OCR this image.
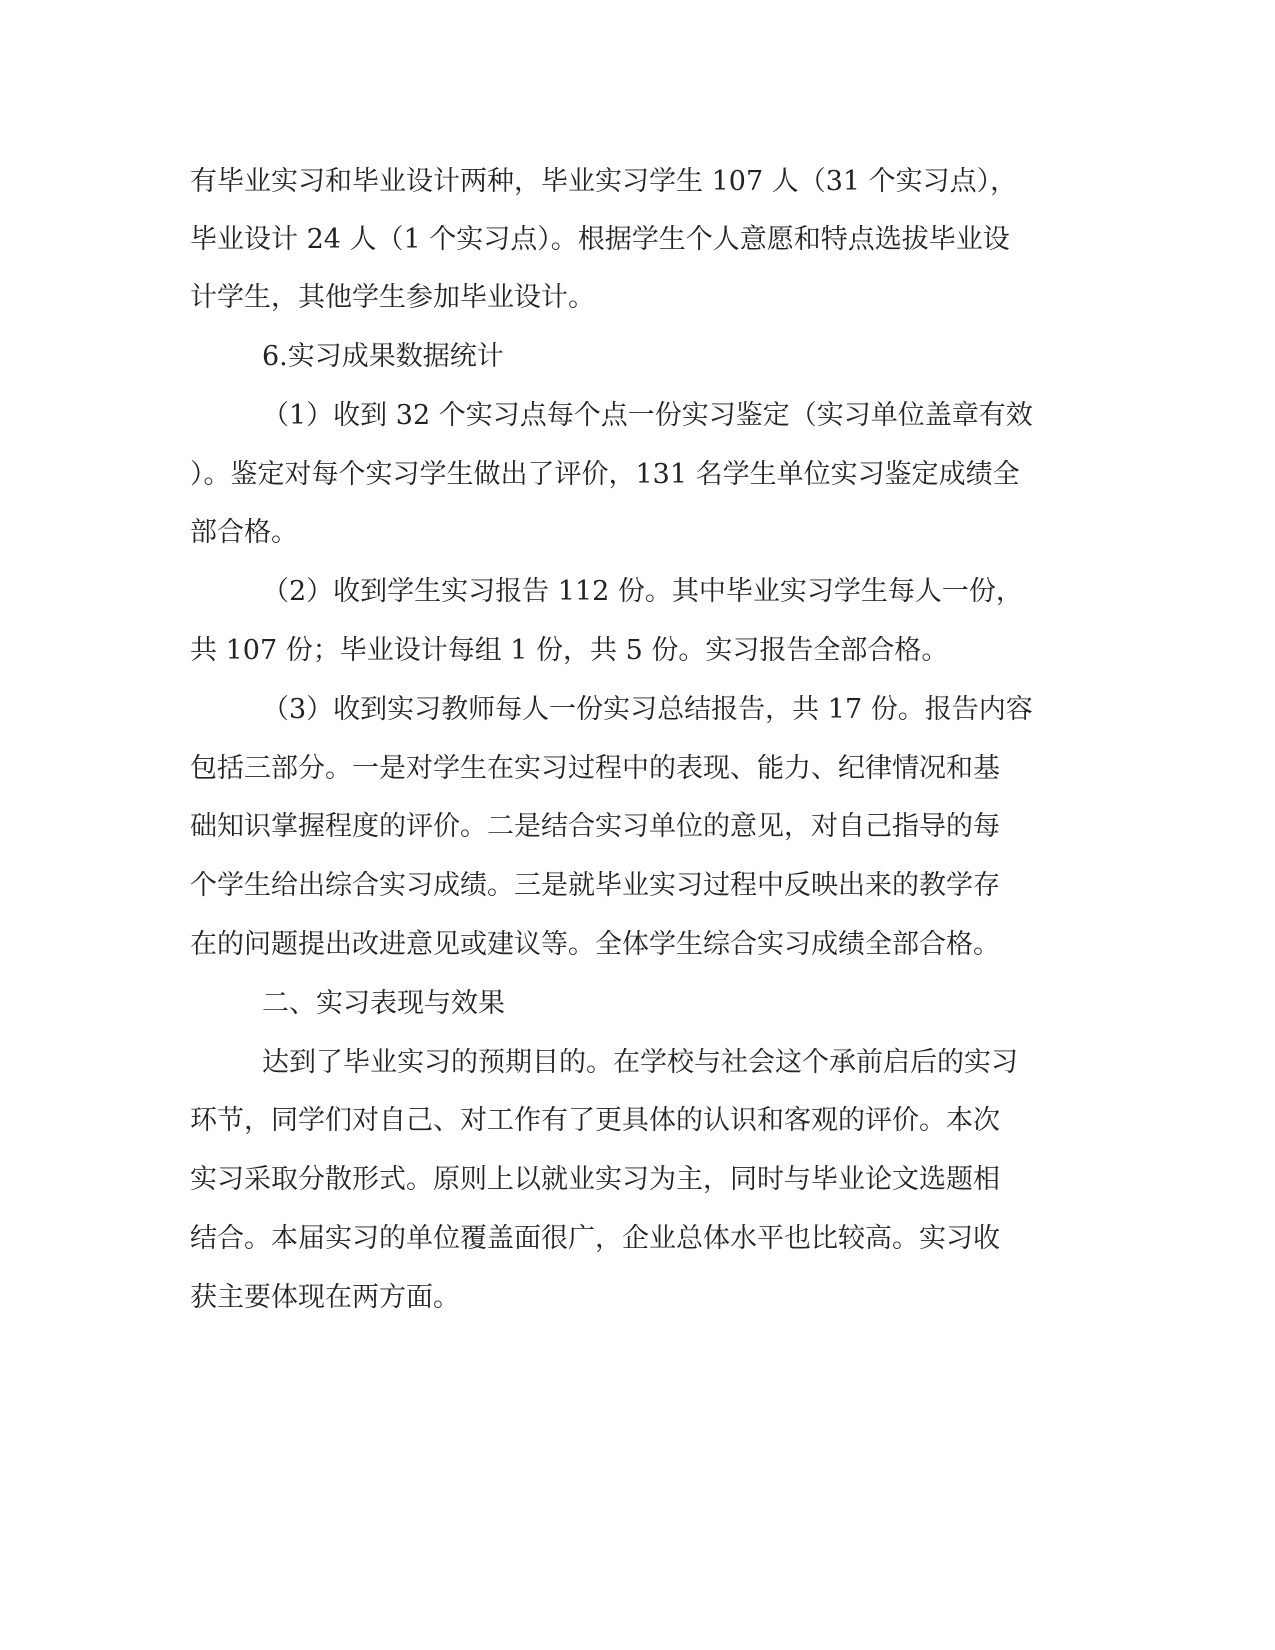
有毕业实习和毕业设计两种，毕业实习学生 107 人（31 个实习点），
毕业设计 24 人（1 个实习点）。根据学生个人意愿和特点选拔毕业设
计学生，其他学生参加毕业设计。
6.实习成果数据统计
（1）收到 32 个实习点每个点一份实习鉴定（实习单位盖章有效
）。鉴定对每个实习学生做出了评价，131 名学生单位实习鉴定成绩全
部合格。
（2）收到学生实习报告 112 份。其中毕业实习学生每人一份，
共 107 份；毕业设计每组 1 份，共 5 份。实习报告全部合格。
（3）收到实习教师每人一份实习总结报告，共 17 份。报告内容
包括三部分。一是对学生在实习过程中的表现、能力、纪律情况和基
础知识掌握程度的评价。二是结合实习单位的意见，对自己指导的每
个学生给出综合实习成绩。三是就毕业实习过程中反映出来的教学存
在的问题提出改进意见或建议等。全体学生综合实习成绩全部合格。
二、实习表现与效果
达到了毕业实习的预期目的。在学校与社会这个承前启后的实习
环节，同学们对自己、对工作有了更具体的认识和客观的评价。本次
实习采取分散形式。原则上以就业实习为主，同时与毕业论文选题相
结合。本届实习的单位覆盖面很广，企业总体水平也比较高。实习收
获主要体现在两方面。
